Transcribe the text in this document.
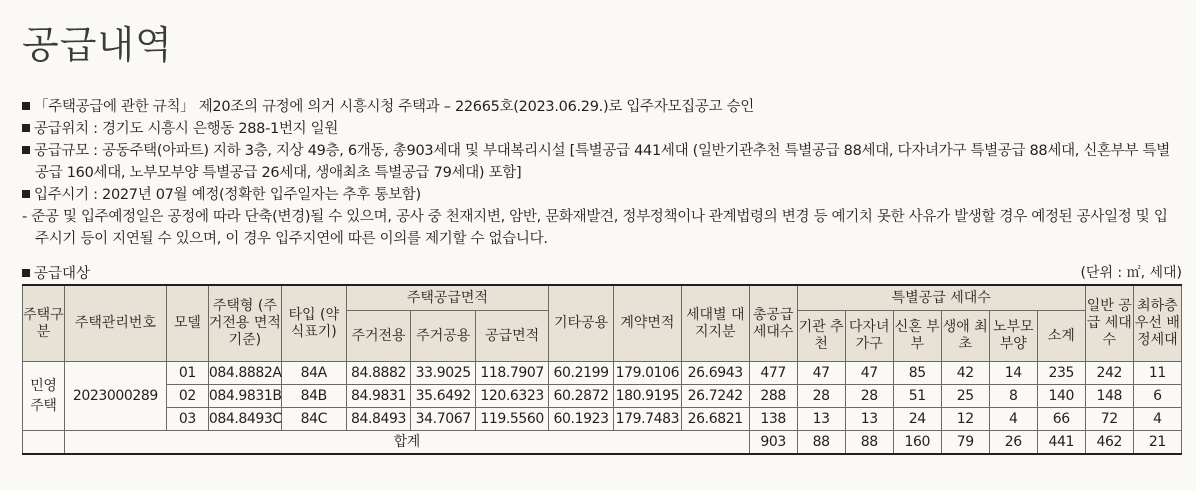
공급내역
「주택공급에 관한 규칙」 제20조의 규정에 의거 시흥시청 주택과 – 22665호(2023.06.29.)로 입주자모집공고 승인
공급위치 : 경기도 시흥시 은행동 288-1번지 일원
공급규모 : 공동주택(아파트) 지하 3층, 지상 49층, 6개동, 총903세대 및 부대복리시설 [특별공급 441세대 (일반기관추천 특별공급 88세대, 다자녀가구 특별공급 88세대, 신혼부부 특별
공급 160세대, 노부모부양 특별공급 26세대, 생애최초 특별공급 79세대) 포함]
입주시기 : 2027년 07월 예정(정확한 입주일자는 추후 통보함)
- 준공 및 입주예정일은 공정에 따라 단축(변경)될 수 있으며, 공사 중 천재지변, 암반, 문화재발견, 정부정책이나 관계법령의 변경 등 예기치 못한 사유가 발생할 경우 예정된 공사일정 및 입
주시기 등이 지연될 수 있으며, 이 경우 입주지연에 따른 이의를 제기할 수 없습니다.
공급대상	(단위 : ㎡, 세대)
주택구분	주택관리번호	모델	주택형 (주거전용 면적기준)	타입 (약식표기)	주택공급면적			기타공용	계약면적	세대별 대지지분	총공급 세대수	특별공급 세대수						일반 공급 세대수	최하층 우선 배정세대
					주거전용	주거공용	공급면적					기관 추천	다자녀 가구	신혼 부부	생애 최초	노부모 부양	소계		
민영 주택	2023000289	01	084.8882A	84A	84.8882	33.9025	118.7907	60.2199	179.0106	26.6943	477	47	47	85	42	14	235	242	11
		02	084.9831B	84B	84.9831	35.6492	120.6323	60.2872	180.9195	26.7242	288	28	28	51	25	8	140	148	6
		03	084.8493C	84C	84.8493	34.7067	119.5560	60.1923	179.7483	26.6821	138	13	13	24	12	4	66	72	4
	합계										903	88	88	160	79	26	441	462	21
